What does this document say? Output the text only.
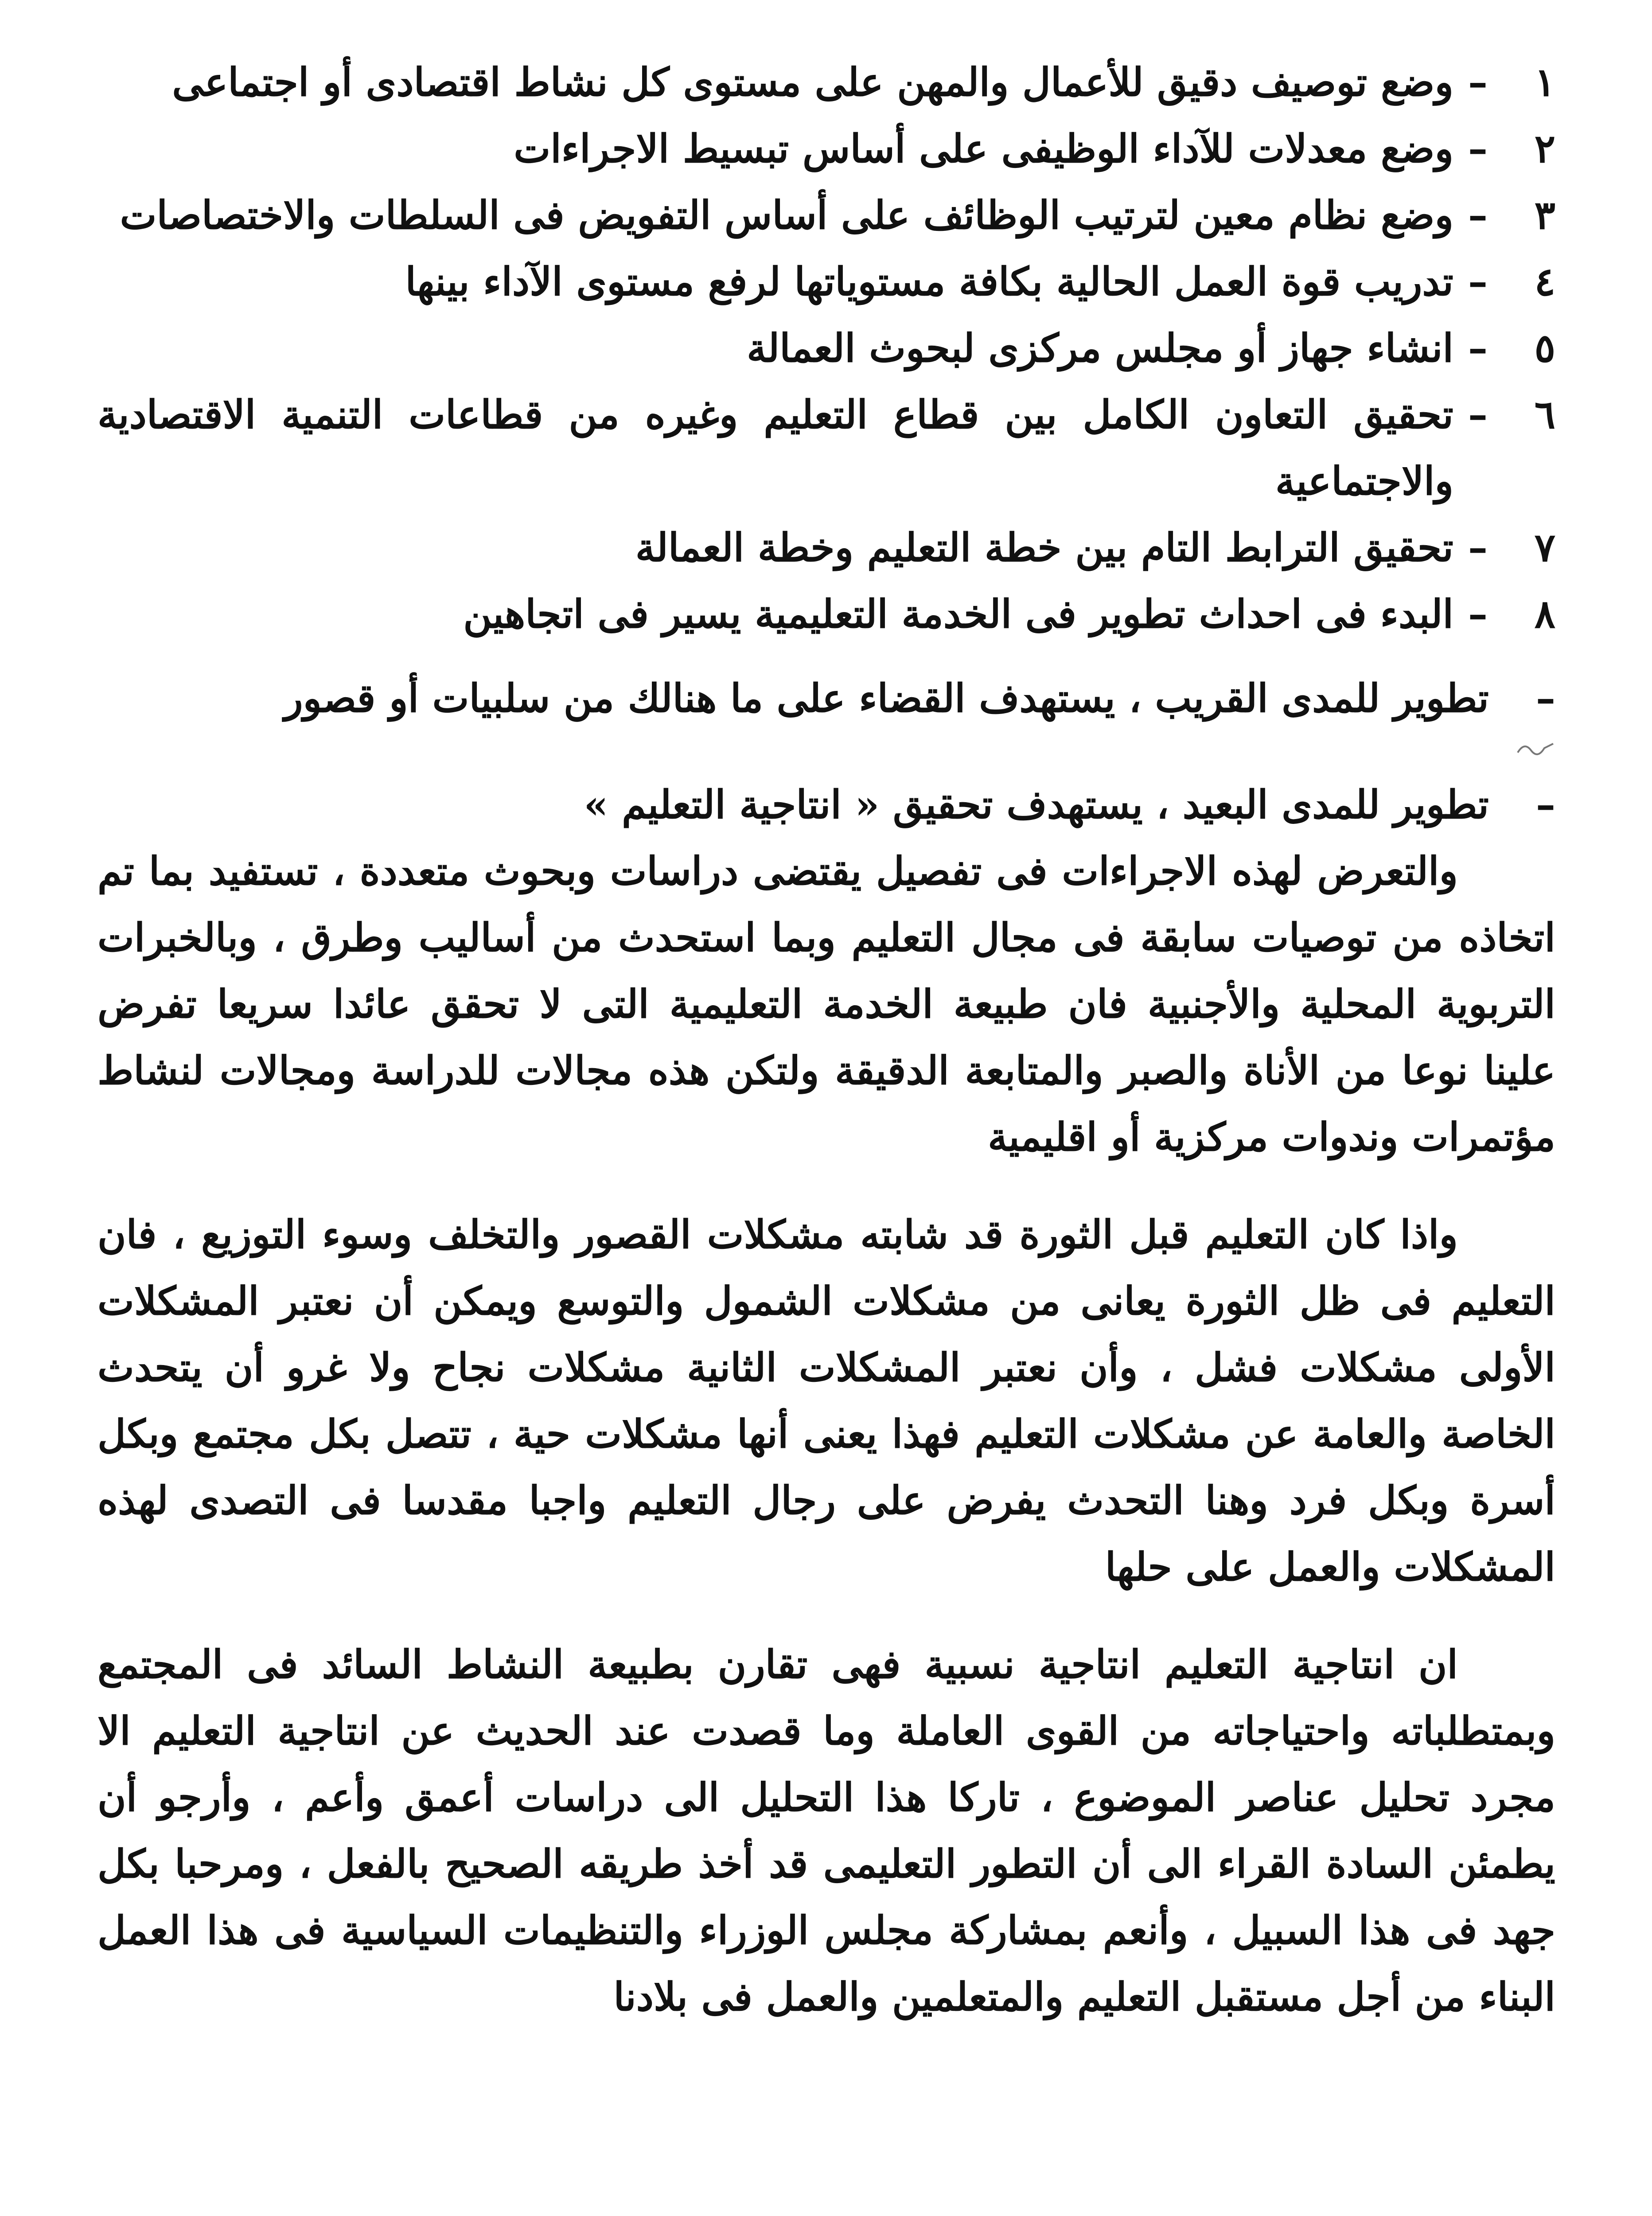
١
–
وضع توصيف دقيق للأعمال والمهن على مستوى كل نشاط اقتصادى أو اجتماعى
٢
–
وضع معدلات للآداء الوظيفى على أساس تبسيط الاجراءات
٣
–
وضع نظام معين لترتيب الوظائف على أساس التفويض فى السلطات والاختصاصات
٤
–
تدريب قوة العمل الحالية بكافة مستوياتها لرفع مستوى الآداء بينها
٥
–
انشاء جهاز أو مجلس مركزى لبحوث العمالة
٦
–
تحقيق التعاون الكامل بين قطاع التعليم وغيره من قطاعات التنمية الاقتصادية والاجتماعية
٧
–
تحقيق الترابط التام بين خطة التعليم وخطة العمالة
٨
–
البدء فى احداث تطوير فى الخدمة التعليمية يسير فى اتجاهين
–
تطوير للمدى القريب ، يستهدف القضاء على ما هنالك من سلبيات أو قصور
–
تطوير للمدى البعيد ، يستهدف تحقيق « انتاجية التعليم »

والتعرض لهذه الاجراءات فى تفصيل يقتضى دراسات وبحوث متعددة ، تستفيد بما تم اتخاذه من توصيات سابقة فى مجال التعليم وبما استحدث من أساليب وطرق ، وبالخبرات التربوية المحلية والأجنبية فان طبيعة الخدمة التعليمية التى لا تحقق عائدا سريعا تفرض علينا نوعا من الأناة والصبر والمتابعة الدقيقة ولتكن هذه مجالات للدراسة ومجالات لنشاط مؤتمرات وندوات مركزية أو اقليمية

واذا كان التعليم قبل الثورة قد شابته مشكلات القصور والتخلف وسوء التوزيع ، فان التعليم فى ظل الثورة يعانى من مشكلات الشمول والتوسع ويمكن أن نعتبر المشكلات الأولى مشكلات فشل ، وأن نعتبر المشكلات الثانية مشكلات نجاح ولا غرو أن يتحدث الخاصة والعامة عن مشكلات التعليم فهذا يعنى أنها مشكلات حية ، تتصل بكل مجتمع وبكل أسرة وبكل فرد وهنا التحدث يفرض على رجال التعليم واجبا مقدسا فى التصدى لهذه المشكلات والعمل على حلها

ان انتاجية التعليم انتاجية نسبية فهى تقارن بطبيعة النشاط السائد فى المجتمع وبمتطلباته واحتياجاته من القوى العاملة وما قصدت عند الحديث عن انتاجية التعليم الا مجرد تحليل عناصر الموضوع ، تاركا هذا التحليل الى دراسات أعمق وأعم ، وأرجو أن يطمئن السادة القراء الى أن التطور التعليمى قد أخذ طريقه الصحيح بالفعل ، ومرحبا بكل جهد فى هذا السبيل ، وأنعم بمشاركة مجلس الوزراء والتنظيمات السياسية فى هذا العمل البناء من أجل مستقبل التعليم والمتعلمين والعمل فى بلادنا
